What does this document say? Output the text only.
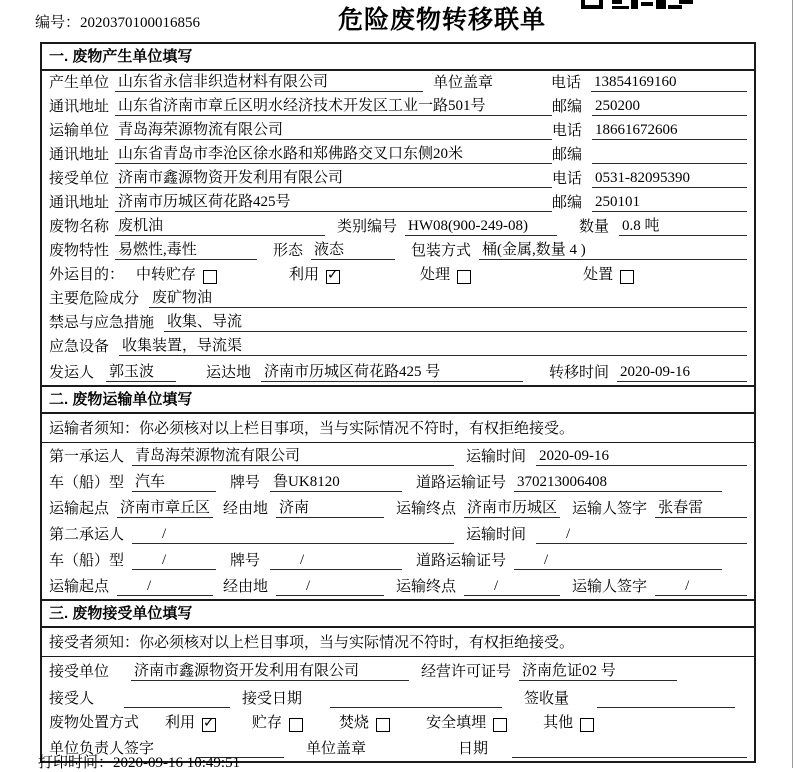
编号：2020370100016856	危险废物转移联单
一. 废物产生单位填写
产生单位 山东省永信非织造材料有限公司	单位盖章	电话 13854169160
通讯地址 山东省济南市章丘区明水经济技术开发区工业一路501号	邮编 250200
运输单位 青岛海荣源物流有限公司	电话 18661672606
通讯地址 山东省青岛市李沧区徐水路和郑佛路交叉口东侧20米	邮编
接受单位 济南市鑫源物资开发利用有限公司	电话 0531-82095390
通讯地址 济南市历城区荷花路425号	邮编 250101
废物名称 废机油	类别编号 HW08(900-249-08)	数量 0.8 吨
废物特性 易燃性,毒性	形态 液态	包装方式 桶(金属,数量 4 )
外运目的： 中转贮存	利用 ✓	处理	处置
主要危险成分 废矿物油
禁忌与应急措施 收集、导流
应急设备 收集装置，导流渠
发运人 郭玉波	运达地 济南市历城区荷花路425 号	转移时间 2020-09-16
二. 废物运输单位填写
运输者须知：你必须核对以上栏目事项，当与实际情况不符时，有权拒绝接受。
第一承运人 青岛海荣源物流有限公司	运输时间 2020-09-16
车（船）型 汽车	牌号 鲁UK8120	道路运输证号 370213006408
运输起点 济南市章丘区 经由地 济南	运输终点 济南市历城区 运输人签字 张春雷
第二承运人	/	运输时间	/
车（船）型	/	牌号	/	道路运输证号	/
运输起点	/	经由地	/	运输终点	/	运输人签字	/
三. 废物接受单位填写
接受者须知：你必须核对以上栏目事项，当与实际情况不符时，有权拒绝接受。
接受单位 济南市鑫源物资开发利用有限公司	经营许可证号 济南危证02 号
接受人	接受日期	签收量
废物处置方式 利用 ✓	贮存	焚烧	安全填埋	其他
单位负责人签字	单位盖章	日期
打印时间：2020-09-16 10:49:51
